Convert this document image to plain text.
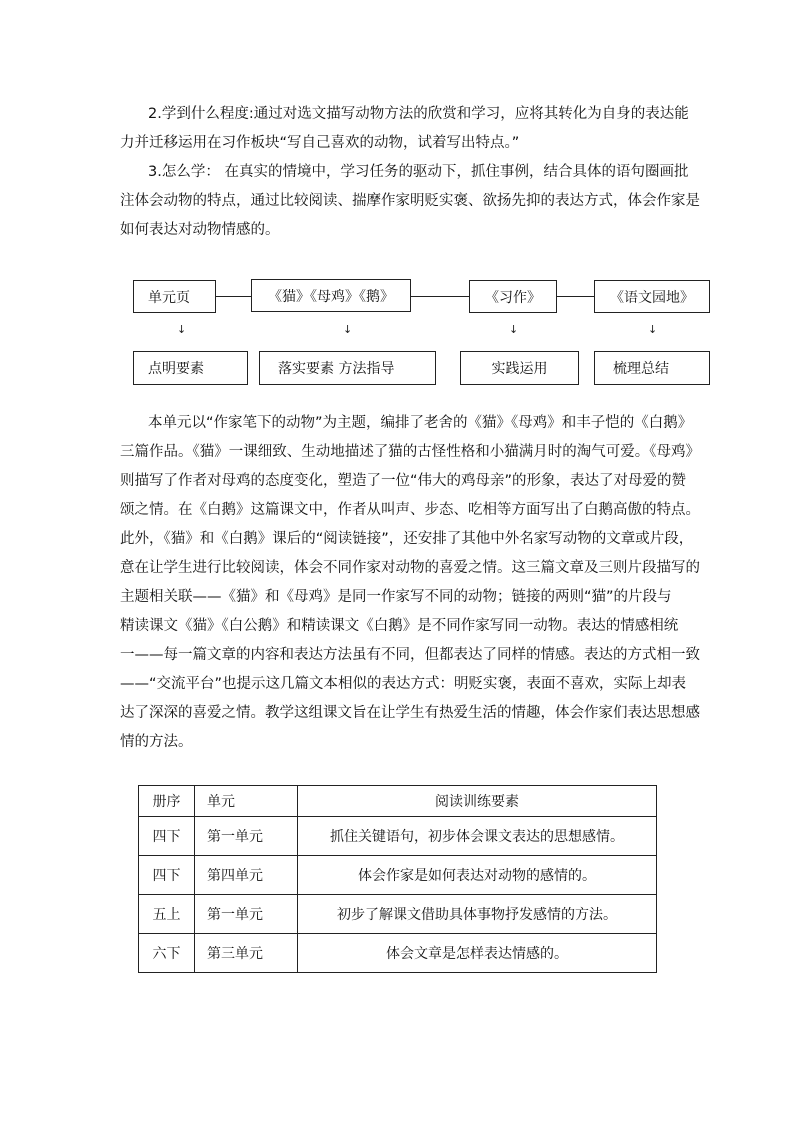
2.学到什么程度:通过对选文描写动物方法的欣赏和学习，应将其转化为自身的表达能
力并迁移运用在习作板块“写自己喜欢的动物，试着写出特点。”
3.怎么学： 在真实的情境中，学习任务的驱动下，抓住事例，结合具体的语句圈画批
注体会动物的特点，通过比较阅读、揣摩作家明贬实褒、欲扬先抑的表达方式，体会作家是
如何表达对动物情感的。
单元页	《猫》《母鸡》《鹅》	《习作》	《语文园地》
↓	↓	↓	↓
点明要素	落实要素 方法指导	实践运用	梳理总结
本单元以“作家笔下的动物”为主题，编排了老舍的《猫》《母鸡》和丰子恺的《白鹅》
三篇作品。《猫》一课细致、生动地描述了猫的古怪性格和小猫满月时的淘气可爱。《母鸡》
则描写了作者对母鸡的态度变化，塑造了一位“伟大的鸡母亲”的形象，表达了对母爱的赞
颂之情。在《白鹅》这篇课文中，作者从叫声、步态、吃相等方面写出了白鹅高傲的特点。
此外，《猫》和《白鹅》课后的“阅读链接”，还安排了其他中外名家写动物的文章或片段，
意在让学生进行比较阅读，体会不同作家对动物的喜爱之情。这三篇文章及三则片段描写的
主题相关联——《猫》和《母鸡》是同一作家写不同的动物；链接的两则“猫”的片段与
精读课文《猫》《白公鹅》和精读课文《白鹅》是不同作家写同一动物。表达的情感相统
一——每一篇文章的内容和表达方法虽有不同，但都表达了同样的情感。表达的方式相一致
——“交流平台”也提示这几篇文本相似的表达方式：明贬实褒，表面不喜欢，实际上却表
达了深深的喜爱之情。教学这组课文旨在让学生有热爱生活的情趣，体会作家们表达思想感
情的方法。
册序	单元	阅读训练要素
四下	第一单元	抓住关键语句，初步体会课文表达的思想感情。
四下	第四单元	体会作家是如何表达对动物的感情的。
五上	第一单元	初步了解课文借助具体事物抒发感情的方法。
六下	第三单元	体会文章是怎样表达情感的。
